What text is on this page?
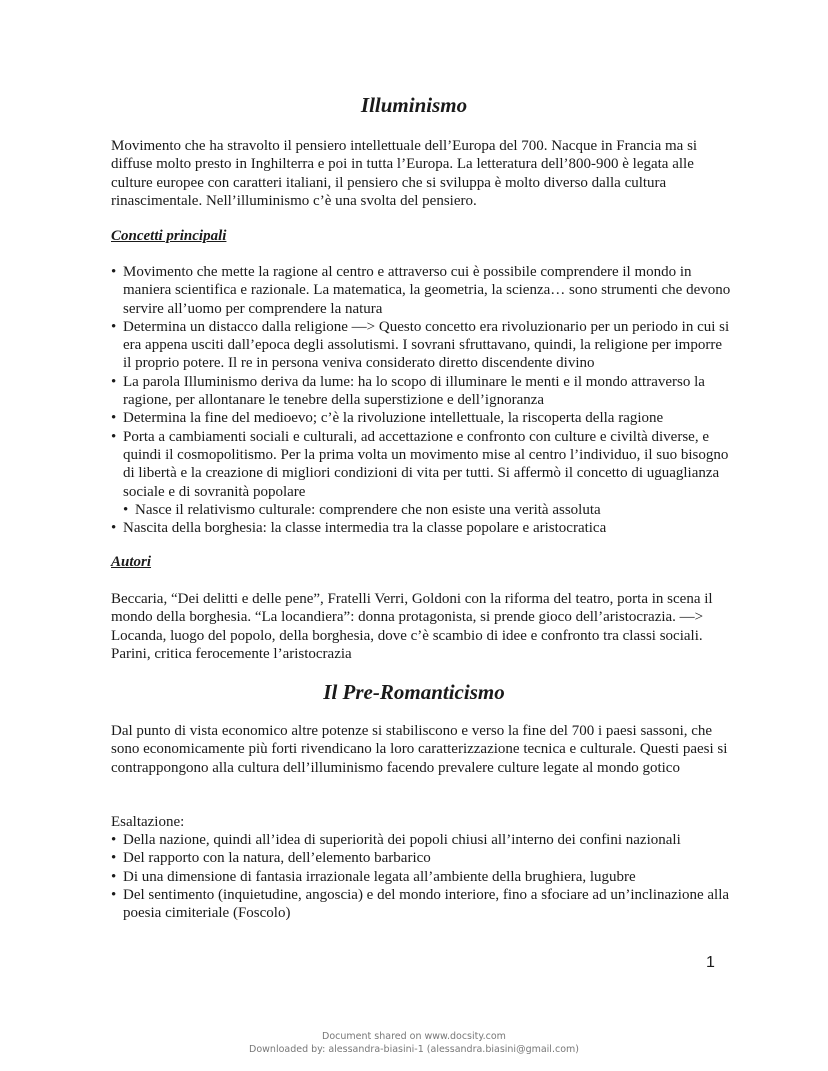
Illuminismo

Movimento che ha stravolto il pensiero intellettuale dell’Europa del 700. Nacque in Francia ma si diffuse molto presto in Inghilterra e poi in tutta l’Europa. La letteratura dell’800-900 è legata alle culture europee con caratteri italiani, il pensiero che si sviluppa è molto diverso dalla cultura rinascimentale. Nell’illuminismo c’è una svolta del pensiero.

Concetti principali
• Movimento che mette la ragione al centro e attraverso cui è possibile comprendere il mondo in maniera scientifica e razionale. La matematica, la geometria, la scienza… sono strumenti che devono servire all’uomo per comprendere la natura
• Determina un distacco dalla religione —> Questo concetto era rivoluzionario per un periodo in cui si era appena usciti dall’epoca degli assolutismi. I sovrani sfruttavano, quindi, la religione per imporre il proprio potere. Il re in persona veniva considerato diretto discendente divino
• La parola Illuminismo deriva da lume: ha lo scopo di illuminare le menti e il mondo attraverso la ragione, per allontanare le tenebre della superstizione e dell’ignoranza
• Determina la fine del medioevo; c’è la rivoluzione intellettuale, la riscoperta della ragione
• Porta a cambiamenti sociali e culturali, ad accettazione e confronto con culture e civiltà diverse, e quindi il cosmopolitismo. Per la prima volta un movimento mise al centro l’individuo, il suo bisogno di libertà e la creazione di migliori condizioni di vita per tutti. Si affermò il concetto di uguaglianza sociale e di sovranità popolare
• Nasce il relativismo culturale: comprendere che non esiste una verità assoluta
• Nascita della borghesia: la classe intermedia tra la classe popolare e aristocratica
Autori

Beccaria, “Dei delitti e delle pene”, Fratelli Verri, Goldoni con la riforma del teatro, porta in scena il mondo della borghesia. “La locandiera”: donna protagonista, si prende gioco dell’aristocrazia. —> Locanda, luogo del popolo, della borghesia, dove c’è scambio di idee e confronto tra classi sociali. Parini, critica ferocemente l’aristocrazia

Il Pre-Romanticismo

Dal punto di vista economico altre potenze si stabiliscono e verso la fine del 700 i paesi sassoni, che sono economicamente più forti rivendicano la loro caratterizzazione tecnica e culturale. Questi paesi si contrappongono alla cultura dell’illuminismo facendo prevalere culture legate al mondo gotico

Esaltazione:

• Della nazione, quindi all’idea di superiorità dei popoli chiusi all’interno dei confini nazionali
• Del rapporto con la natura, dell’elemento barbarico
• Di una dimensione di fantasia irrazionale legata all’ambiente della brughiera, lugubre
• Del sentimento (inquietudine, angoscia) e del mondo interiore, fino a sfociare ad un’inclinazione alla poesia cimiteriale (Foscolo)
1
Document shared on www.docsity.com
Downloaded by: alessandra-biasini-1 (alessandra.biasini@gmail.com)
